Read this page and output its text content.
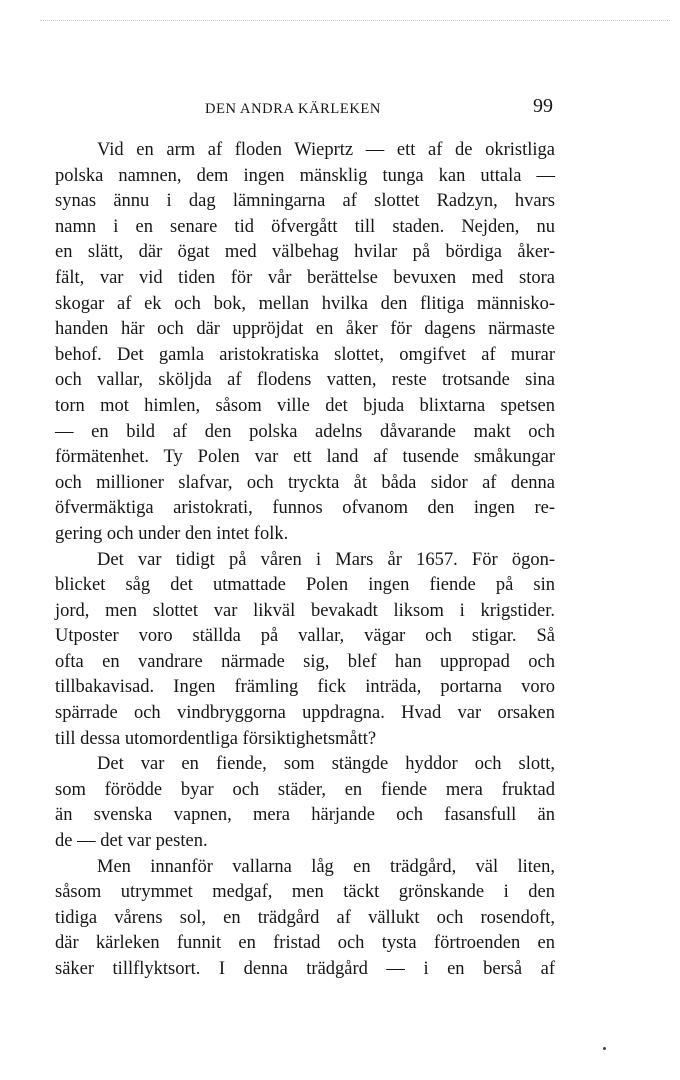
DEN ANDRA KÄRLEKEN	99
Vid en arm af floden Wieprtz — ett af de okristliga
polska namnen, dem ingen mänsklig tunga kan uttala —
synas ännu i dag lämningarna af slottet Radzyn, hvars
namn i en senare tid öfvergått till staden. Nejden, nu
en slätt, där ögat med välbehag hvilar på bördiga åker-
fält, var vid tiden för vår berättelse bevuxen med stora
skogar af ek och bok, mellan hvilka den flitiga människo-
handen här och där uppröjdat en åker för dagens närmaste
behof. Det gamla aristokratiska slottet, omgifvet af murar
och vallar, sköljda af flodens vatten, reste trotsande sina
torn mot himlen, såsom ville det bjuda blixtarna spetsen
— en bild af den polska adelns dåvarande makt och
förmätenhet. Ty Polen var ett land af tusende småkungar
och millioner slafvar, och tryckta åt båda sidor af denna
öfvermäktiga aristokrati, funnos ofvanom den ingen re-
gering och under den intet folk.
Det var tidigt på våren i Mars år 1657. För ögon-
blicket såg det utmattade Polen ingen fiende på sin
jord, men slottet var likväl bevakadt liksom i krigstider.
Utposter voro ställda på vallar, vägar och stigar. Så
ofta en vandrare närmade sig, blef han uppropad och
tillbakavisad. Ingen främling fick inträda, portarna voro
spärrade och vindbryggorna uppdragna. Hvad var orsaken
till dessa utomordentliga försiktighetsmått?
Det var en fiende, som stängde hyddor och slott,
som förödde byar och städer, en fiende mera fruktad
än svenska vapnen, mera härjande och fasansfull än
de — det var pesten.
Men innanför vallarna låg en trädgård, väl liten,
såsom utrymmet medgaf, men täckt grönskande i den
tidiga vårens sol, en trädgård af vällukt och rosendoft,
där kärleken funnit en fristad och tysta förtroenden en
säker tillflyktsort. I denna trädgård — i en berså af
